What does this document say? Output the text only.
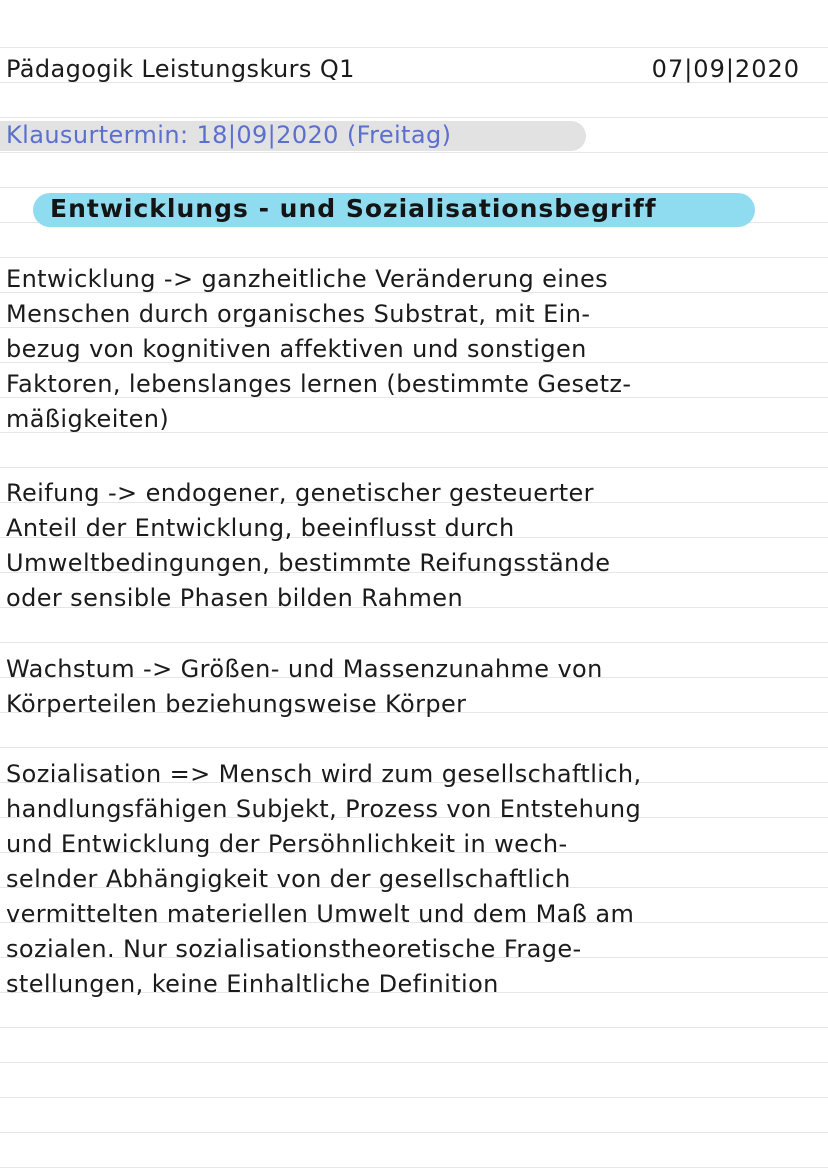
Pädagogik Leistungskurs Q1	07|09|2020

Klausurtermin: 18|09|2020 (Freitag)

Entwicklungs - und Sozialisationsbegriff

Entwicklung -> ganzheitliche Veränderung eines

Menschen durch organisches Substrat, mit Ein-

bezug von kognitiven affektiven und sonstigen

Faktoren, lebenslanges lernen (bestimmte Gesetz-

mäßigkeiten)

Reifung -> endogener, genetischer gesteuerter

Anteil der Entwicklung, beeinflusst durch

Umweltbedingungen, bestimmte Reifungsstände

oder sensible Phasen bilden Rahmen

Wachstum -> Größen- und Massenzunahme von

Körperteilen beziehungsweise Körper

Sozialisation => Mensch wird zum gesellschaftlich,

handlungsfähigen Subjekt, Prozess von Entstehung

und Entwicklung der Persöhnlichkeit in wech-

selnder Abhängigkeit von der gesellschaftlich

vermittelten materiellen Umwelt und dem Maß am

sozialen. Nur sozialisationstheoretische Frage-

stellungen, keine Einhaltliche Definition
